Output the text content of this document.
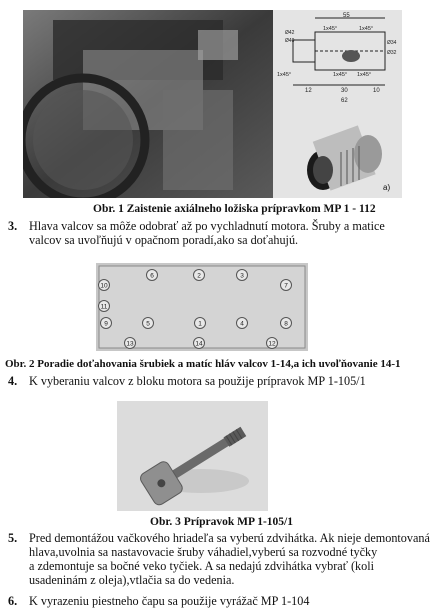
55
1x45°	1x45°
1x45°	1x45° 1x45°
12	30	10
62
Ø42
Ø40	Ø34
Ø32
a)
Obr. 1 Zaistenie axiálneho ložiska prípravkom MP 1 - 112
3. Hlava valcov sa môže odobrať až po vychladnutí motora. Šruby a matice
valcov sa uvoľňujú v opačnom poradí,ako sa doťahujú.
6	2	3
7
10
11
9	5	1	4	8
13	14	12
Obr. 2 Poradie doťahovania šrubiek a matíc hláv valcov 1-14,a ich uvoľňovanie 14-1
4. K vyberaniu valcov z bloku motora sa použije prípravok MP 1-105/1
Obr. 3 Prípravok MP 1-105/1
5. Pred demontážou vačkového hriadeľa sa vyberú zdvihátka. Ak nieje demontovaná
hlava,uvolnia sa nastavovacie šruby váhadiel,vyberú sa rozvodné tyčky
a zdemontuje sa bočné veko tyčiek. A sa nedajú zdvihátka vybrať (koli
usadeninám z oleja),vtlačia sa do vedenia.
6. K vyrazeniu piestneho čapu sa použije vyrážač MP 1-104
